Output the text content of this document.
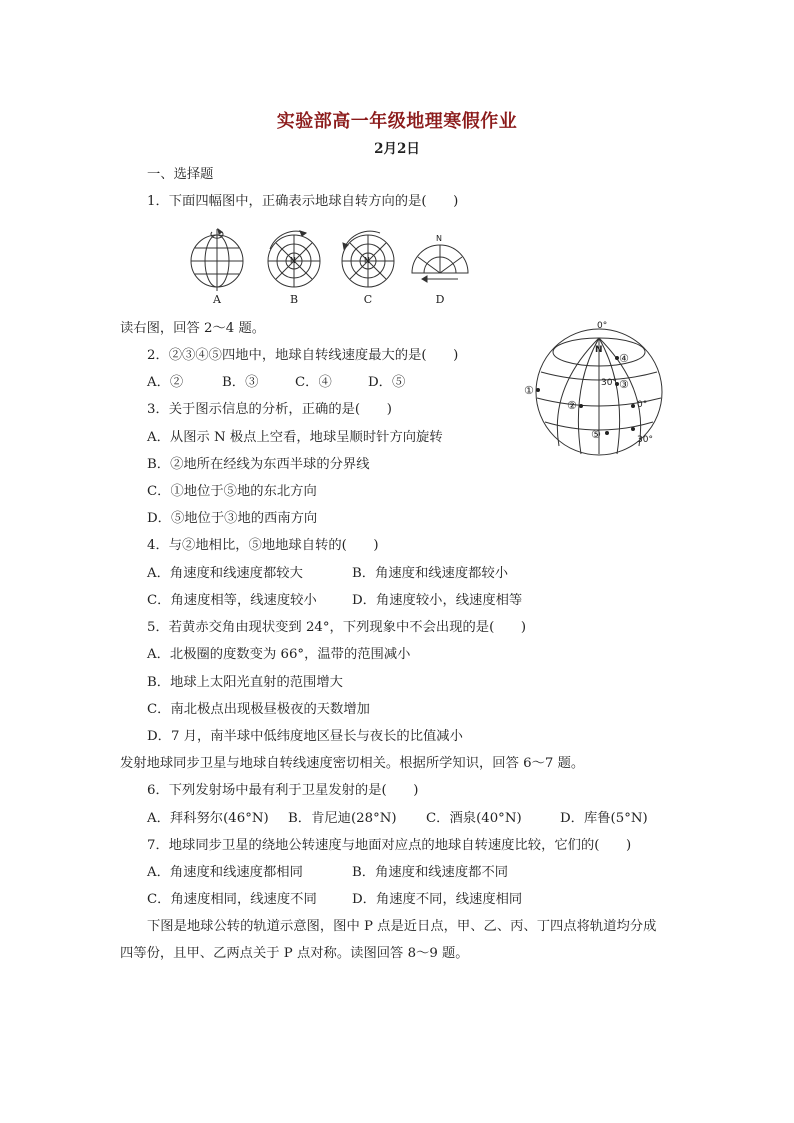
实验部高一年级地理寒假作业
2月2日
一、选择题
1．下面四幅图中，正确表示地球自转方向的是(　　)
N	N
N
A	B	C	D
读右图，回答 2～4 题。	0°
N
30°
0°
30°
①
②
③
④
⑤
2．②③④⑤四地中，地球自转线速度最大的是(　　)
A．②	B．③	C．④	D．⑤
3．关于图示信息的分析，正确的是(　　)
A．从图示 N 极点上空看，地球呈顺时针方向旋转
B．②地所在经线为东西半球的分界线
C．①地位于⑤地的东北方向
D．⑤地位于③地的西南方向
4．与②地相比，⑤地地球自转的(　　)
A．角速度和线速度都较大	B．角速度和线速度都较小
C．角速度相等，线速度较小	D．角速度较小，线速度相等
5．若黄赤交角由现状变到 24°，下列现象中不会出现的是(　　)
A．北极圈的度数变为 66°，温带的范围减小
B．地球上太阳光直射的范围增大
C．南北极点出现极昼极夜的天数增加
D．7 月，南半球中低纬度地区昼长与夜长的比值减小
发射地球同步卫星与地球自转线速度密切相关。根据所学知识，回答 6～7 题。
6．下列发射场中最有利于卫星发射的是(　　)
A．拜科努尔(46°N) B．肯尼迪(28°N) C．酒泉(40°N)	D．库鲁(5°N)
7．地球同步卫星的绕地公转速度与地面对应点的地球自转速度比较，它们的(　　)
A．角速度和线速度都相同	B．角速度和线速度都不同
C．角速度相同，线速度不同	D．角速度不同，线速度相同
下图是地球公转的轨道示意图，图中 P 点是近日点，甲、乙、丙、丁四点将轨道均分成
四等份，且甲、乙两点关于 P 点对称。读图回答 8～9 题。
